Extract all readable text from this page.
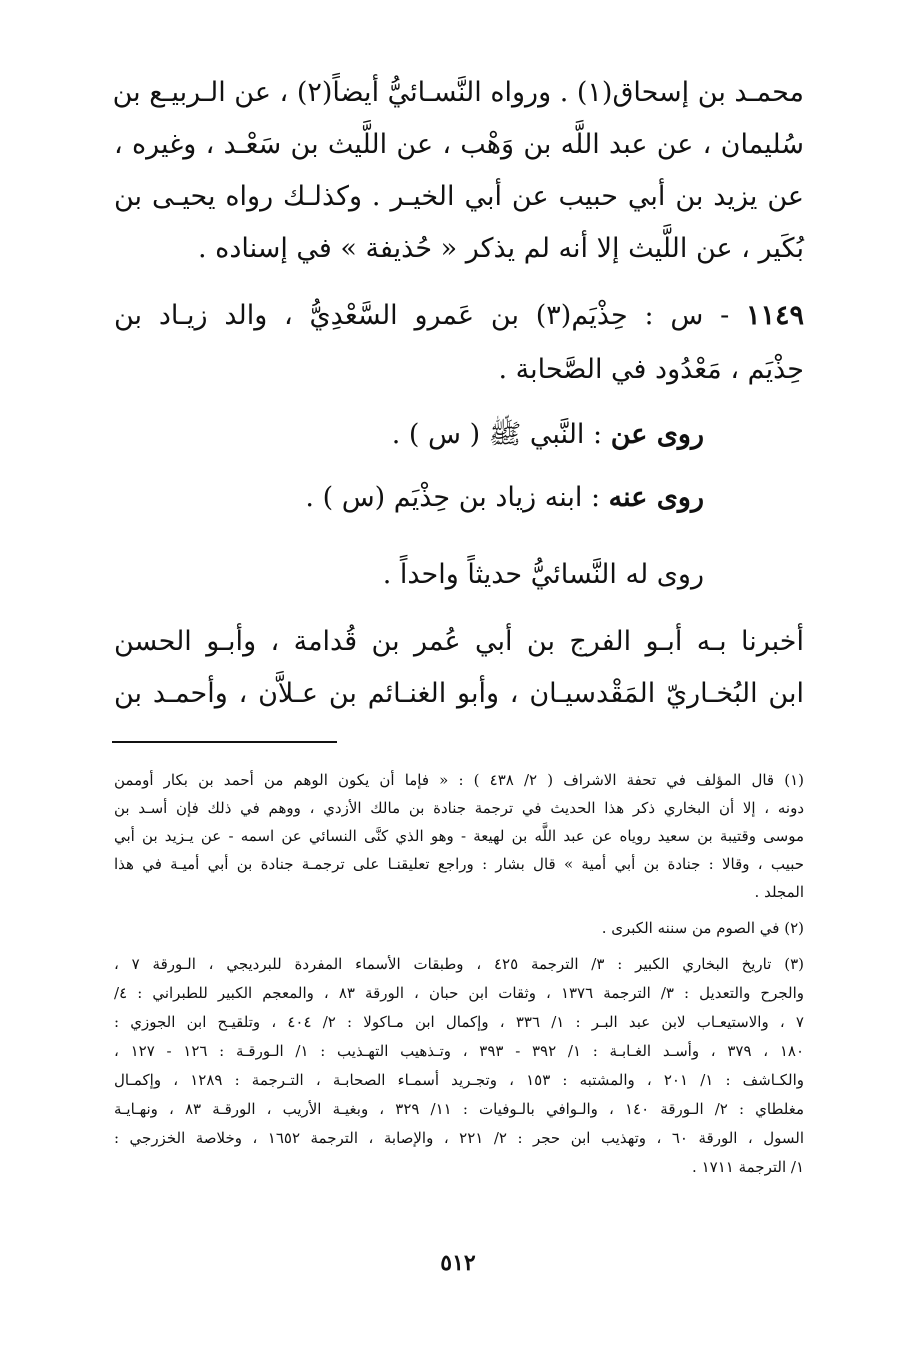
محمـد بن إسحاق(١) . ورواه النَّسـائيُّ أيضاً(٢) ، عن الـربيـع بن
سُليمان ، عن عبد اللَّه بن وَهْب ، عن اللَّيث بن سَعْـد ، وغيره ،
عن يزيد بن أبي حبيب عن أبي الخيـر . وكذلـك رواه يحيـى بن
بُكَير ، عن اللَّيث إلا أنه لم يذكر « حُذيفة » في إسناده .
١١٤٩ - س : حِذْيَم(٣) بن عَمرو السَّعْدِيُّ ، والد زيـاد بن
حِذْيَم ، مَعْدُود في الصَّحابة .
روى عن : النَّبي ﷺ ( س ) .
روى عنه : ابنه زياد بن حِذْيَم (س ) .
روى له النَّسائيُّ حديثاً واحداً .
أخبرنا بـه أبـو الفرج بن أبي عُمر بن قُدامة ، وأبـو الحسن
ابن البُخـاريّ المَقْدسيـان ، وأبو الغنـائم بن عـلاَّن ، وأحمـد بن
(١) قال المؤلف في تحفة الاشراف ( ٢/ ٤٣٨ ) : « فإما أن يكون الوهم من أحمد بن بكار أوممن
دونه ، إلا أن البخاري ذكر هذا الحديث في ترجمة جنادة بن مالك الأزدي ، ووهم في ذلك فإن أسـد بن
موسى وقتيبة بن سعيد روياه عن عبد اللَّه بن لهيعة - وهو الذي كنَّى النسائي عن اسمه - عن يـزيد بن أبي
حبيب ، وقالا : جنادة بن أبي أمية » قال بشار : وراجع تعليقنـا على ترجمـة جنادة بن أبي أميـة في هذا
المجلد .
(٢) في الصوم من سننه الكبرى .
(٣) تاريخ البخاري الكبير : ٣/ الترجمة ٤٢٥ ، وطبقات الأسماء المفردة للبرديجي ، الـورقة ٧ ،
والجرح والتعديل : ٣/ الترجمة ١٣٧٦ ، وثقات ابن حبان ، الورقة ٨٣ ، والمعجم الكبير للطبراني : ٤/
٧ ، والاستيعـاب لابن عبد البـر : ١/ ٣٣٦ ، وإكمال ابن مـاكولا : ٢/ ٤٠٤ ، وتلقيـح ابن الجوزي :
١٨٠ ، ٣٧٩ ، وأسـد الغـابـة : ١/ ٣٩٢ - ٣٩٣ ، وتـذهيب التهـذيب : ١/ الـورقـة : ١٢٦ - ١٢٧ ،
والكـاشف : ١/ ٢٠١ ، والمشتبه : ١٥٣ ، وتجـريد أسمـاء الصحابـة ، التـرجمة : ١٢٨٩ ، وإكمـال
مغلطاي : ٢/ الـورقة ١٤٠ ، والـوافي بالـوفيات : ١١/ ٣٢٩ ، وبغيـة الأريب ، الورقـة ٨٣ ، ونهـايـة
السول ، الورقة ٦٠ ، وتهذيب ابن حجر : ٢/ ٢٢١ ، والإصابة ، الترجمة ١٦٥٢ ، وخلاصة الخزرجي :
١/ الترجمة ١٧١١ .
٥١٢
